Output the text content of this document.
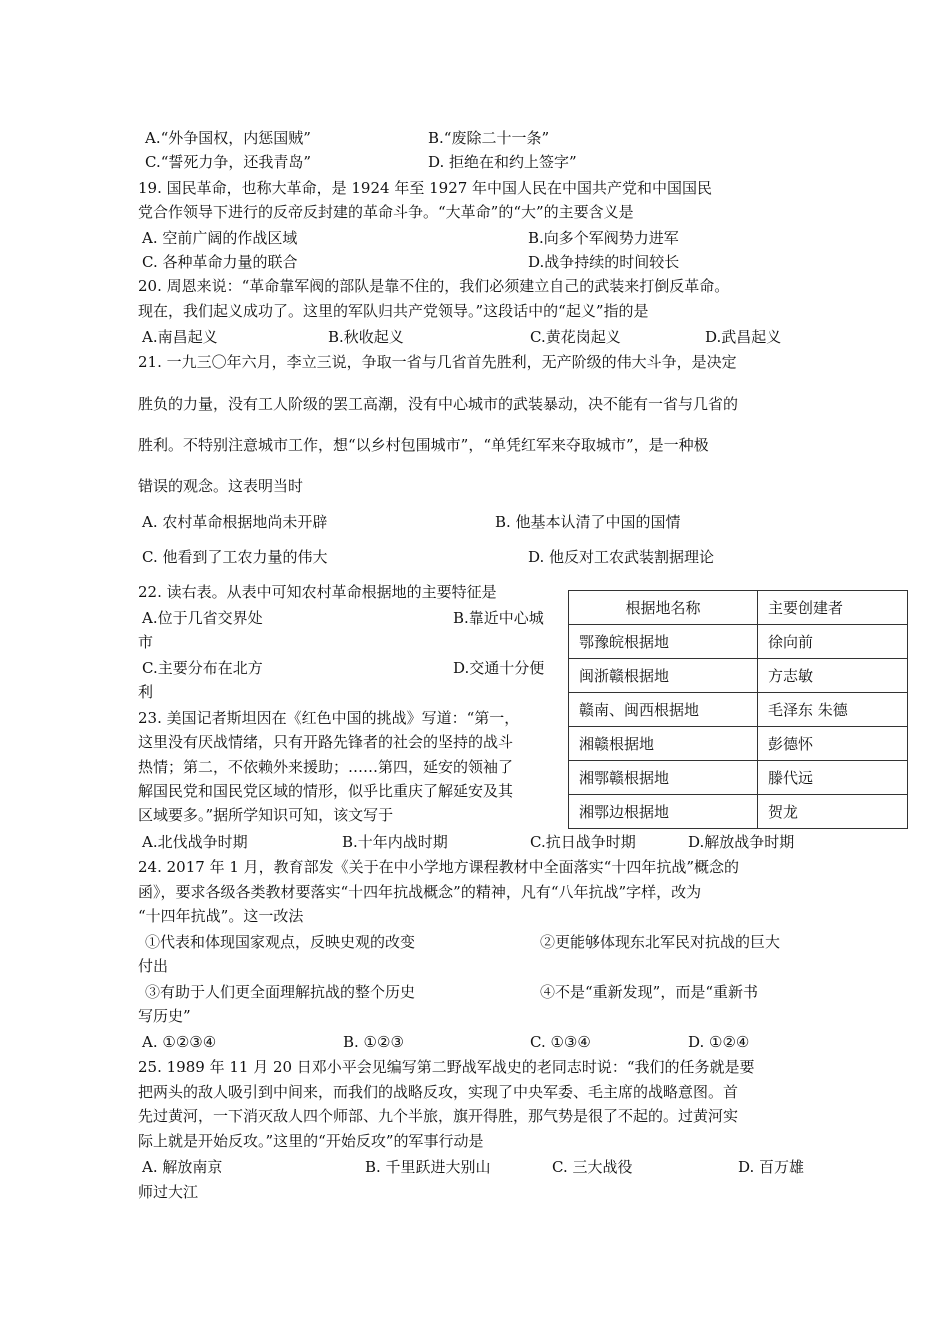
A.“外争国权，内惩国贼”	B.“废除二十一条”
C.“誓死力争，还我青岛”	D. 拒绝在和约上签字”
19. 国民革命，也称大革命，是 1924 年至 1927 年中国人民在中国共产党和中国国民
党合作领导下进行的反帝反封建的革命斗争。“大革命”的“大”的主要含义是
A. 空前广阔的作战区域	B.向多个军阀势力进军
C. 各种革命力量的联合	D.战争持续的时间较长
20. 周恩来说：“革命靠军阀的部队是靠不住的，我们必须建立自己的武装来打倒反革命。
现在，我们起义成功了。这里的军队归共产党领导。”这段话中的“起义”指的是
A.南昌起义	B.秋收起义	C.黄花岗起义	D.武昌起义
21. 一九三〇年六月，李立三说，争取一省与几省首先胜利，无产阶级的伟大斗争，是决定
胜负的力量，没有工人阶级的罢工高潮，没有中心城市的武装暴动，决不能有一省与几省的
胜利。不特别注意城市工作，想“以乡村包围城市”，“单凭红军来夺取城市”，是一种极
错误的观念。这表明当时
A. 农村革命根据地尚未开辟	B. 他基本认清了中国的国情
C. 他看到了工农力量的伟大	D. 他反对工农武装割据理论
22. 读右表。从表中可知农村革命根据地的主要特征是
A.位于几省交界处	B.靠近中心城
市
C.主要分布在北方	D.交通十分便
利
根据地名称	主要创建者
鄂豫皖根据地	徐向前
闽浙赣根据地	方志敏
赣南、闽西根据地	毛泽东 朱德
湘赣根据地	彭德怀
湘鄂赣根据地	滕代远
湘鄂边根据地	贺龙
23. 美国记者斯坦因在《红色中国的挑战》写道：“第一，
这里没有厌战情绪，只有开路先锋者的社会的坚持的战斗
热情；第二，不依赖外来援助；……第四，延安的领袖了
解国民党和国民党区域的情形，似乎比重庆了解延安及其
区域要多。”据所学知识可知，该文写于
A.北伐战争时期	B.十年内战时期	C.抗日战争时期	D.解放战争时期
24. 2017 年 1 月，教育部发《关于在中小学地方课程教材中全面落实“十四年抗战”概念的
函》，要求各级各类教材要落实“十四年抗战概念”的精神，凡有“八年抗战”字样，改为
“十四年抗战”。这一改法
①代表和体现国家观点，反映史观的改变	②更能够体现东北军民对抗战的巨大
付出
③有助于人们更全面理解抗战的整个历史	④不是“重新发现”，而是“重新书
写历史”
A. ①②③④	B. ①②③	C. ①③④	D. ①②④
25. 1989 年 11 月 20 日邓小平会见编写第二野战军战史的老同志时说：“我们的任务就是要
把两头的敌人吸引到中间来，而我们的战略反攻，实现了中央军委、毛主席的战略意图。首
先过黄河，一下消灭敌人四个师部、九个半旅，旗开得胜，那气势是很了不起的。过黄河实
际上就是开始反攻。”这里的“开始反攻”的军事行动是
A. 解放南京	B. 千里跃进大别山	C. 三大战役	D. 百万雄
师过大江
